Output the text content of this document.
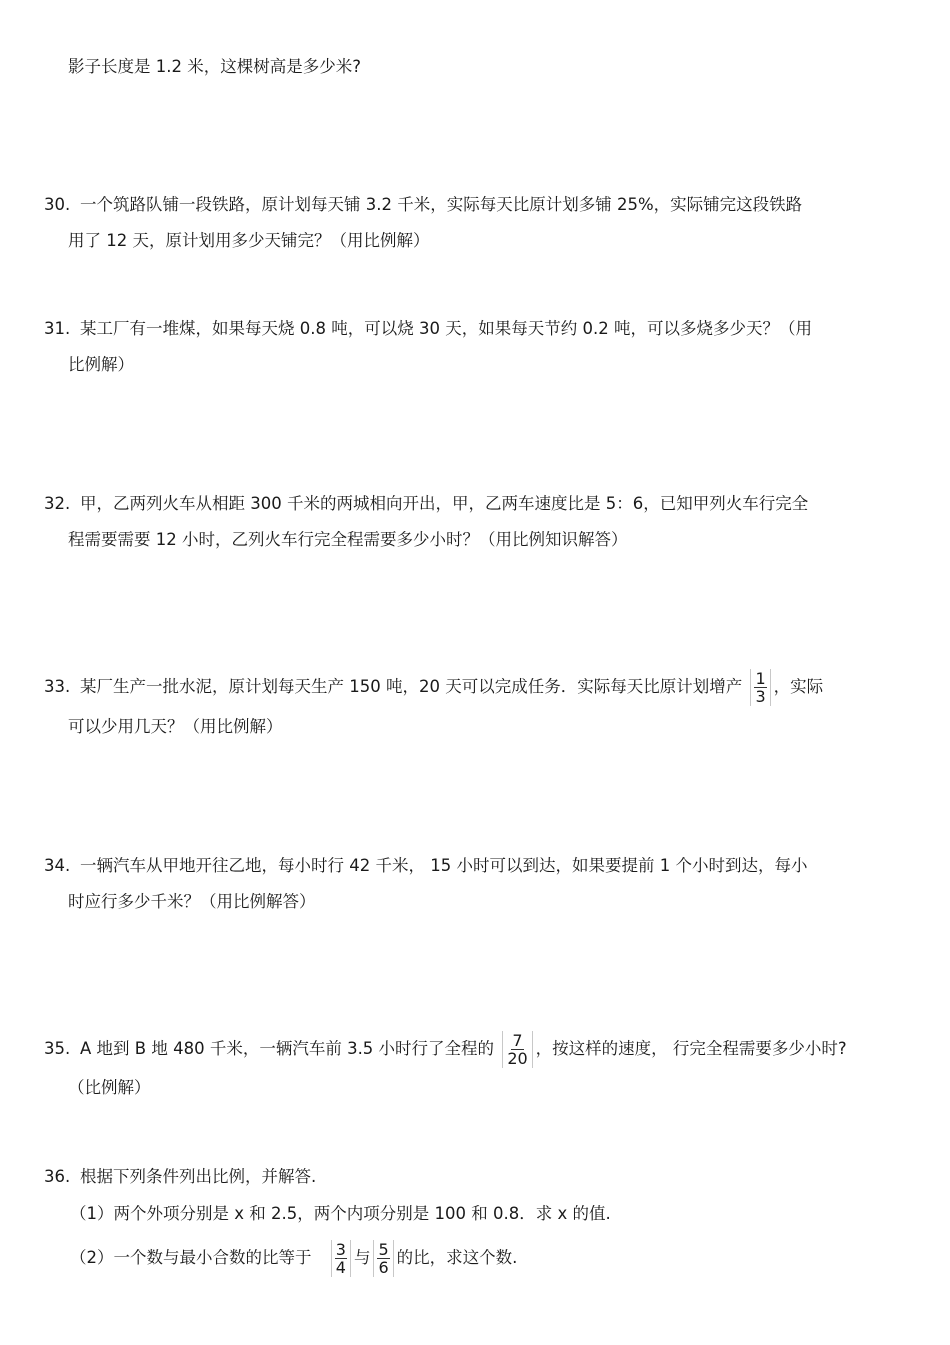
影子长度是 1.2 米，这棵树高是多少米?
30. 一个筑路队铺一段铁路，原计划每天铺 3.2 千米，实际每天比原计划多铺 25%，实际铺完这段铁路
用了 12 天，原计划用多少天铺完？（用比例解）
31. 某工厂有一堆煤，如果每天烧 0.8 吨，可以烧 30 天，如果每天节约 0.2 吨，可以多烧多少天？（用
比例解）
32. 甲，乙两列火车从相距 300 千米的两城相向开出，甲，乙两车速度比是 5：6，已知甲列火车行完全
程需要需要 12 小时，乙列火车行完全程需要多少小时？（用比例知识解答）
33. 某厂生产一批水泥，原计划每天生产 150 吨，20 天可以完成任务．实际每天比原计划增产 $\frac{1}{3}$ ，实际
可以少用几天？（用比例解）
34. 一辆汽车从甲地开往乙地，每小时行 42 千米， 15 小时可以到达，如果要提前 1 个小时到达，每小
时应行多少千米？（用比例解答）
35. A 地到 B 地 480 千米，一辆汽车前 3.5 小时行了全程的 $\frac{7}{20}$ ，按这样的速度， 行完全程需要多少小时?
（比例解）
36. 根据下列条件列出比例，并解答.
（1）两个外项分别是 x 和 2.5，两个内项分别是 100 和 0.8．求 x 的值.
（2）一个数与最小合数的比等于 $\frac{3}{4}$ 与 $\frac{5}{6}$ 的比，求这个数.
